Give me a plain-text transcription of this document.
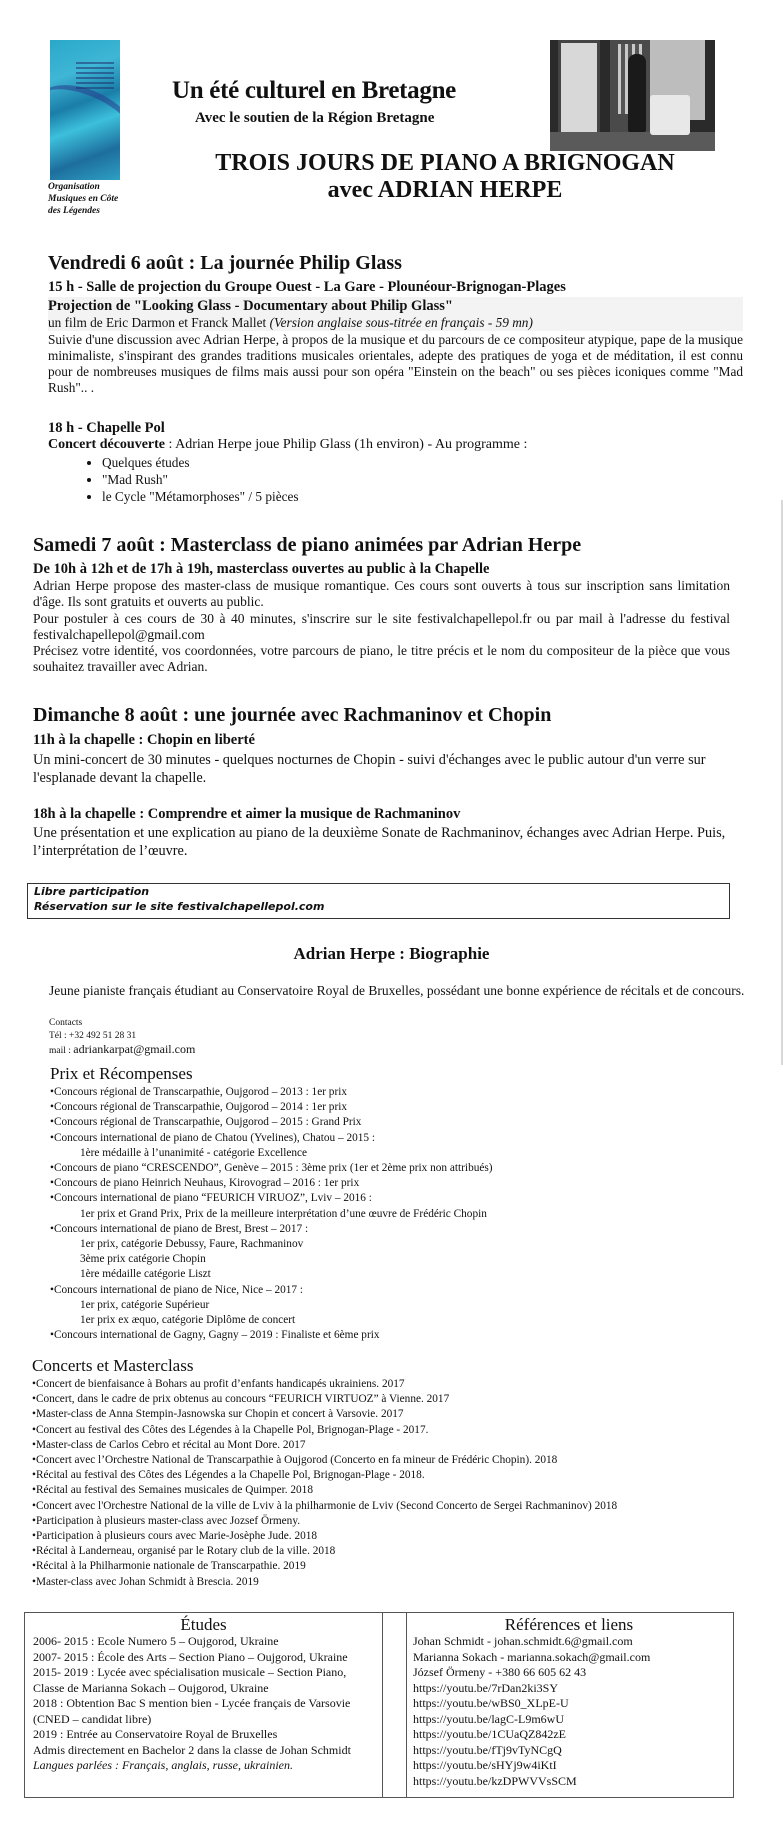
Organisation
Musiques en Côte
des Légendes
Un été culturel en Bretagne
Avec le soutien de la Région Bretagne
TROIS JOURS DE PIANO A BRIGNOGAN
avec ADRIAN HERPE
Vendredi 6 août : La journée Philip Glass
15 h - Salle de projection du Groupe Ouest - La Gare - Plounéour-Brignogan-Plages
Projection de "Looking Glass - Documentary about Philip Glass"
un film de Eric Darmon et Franck Mallet (Version anglaise sous-titrée en français - 59 mn)
Suivie d'une discussion avec Adrian Herpe, à propos de la musique et du parcours de ce compositeur atypique, pape de la musique minimaliste, s'inspirant des grandes traditions musicales orientales, adepte des pratiques de yoga et de méditation, il est connu pour de nombreuses musiques de films mais aussi pour son opéra "Einstein on the beach" ou ses pièces iconiques comme "Mad Rush".. .
18 h - Chapelle Pol
Concert découverte : Adrian Herpe joue Philip Glass (1h environ) - Au programme :
• Quelques études
• "Mad Rush"
• le Cycle "Métamorphoses" / 5 pièces
Samedi 7 août : Masterclass de piano animées par Adrian Herpe
De 10h à 12h et de 17h à 19h, masterclass ouvertes au public à la Chapelle
Adrian Herpe propose des master-class de musique romantique. Ces cours sont ouverts à tous sur inscription sans limitation d'âge. Ils sont gratuits et ouverts au public.
Pour postuler à ces cours de 30 à 40 minutes, s'inscrire sur le site festivalchapellepol.fr ou par mail à l'adresse du festival festivalchapellepol@gmail.com
Précisez votre identité, vos coordonnées, votre parcours de piano, le titre précis et le nom du compositeur de la pièce que vous souhaitez travailler avec Adrian.
Dimanche 8 août : une journée avec Rachmaninov et Chopin
11h à la chapelle : Chopin en liberté
Un mini-concert de 30 minutes - quelques nocturnes de Chopin - suivi d'échanges avec le public autour d'un verre sur l'esplanade devant la chapelle.
18h à la chapelle : Comprendre et aimer la musique de Rachmaninov
Une présentation et une explication au piano de la deuxième Sonate de Rachmaninov, échanges avec Adrian Herpe. Puis, l’interprétation de l’œuvre.
Libre participation
Réservation sur le site festivalchapellepol.com
Adrian Herpe : Biographie
Jeune pianiste français étudiant au Conservatoire Royal de Bruxelles, possédant une bonne expérience de récitals et de concours.
Contacts
Tél : +32 492 51 28 31
mail : adriankarpat@gmail.com
Prix et Récompenses
•Concours régional de Transcarpathie, Oujgorod – 2013 : 1er prix
•Concours régional de Transcarpathie, Oujgorod – 2014 : 1er prix
•Concours régional de Transcarpathie, Oujgorod – 2015 : Grand Prix
•Concours international de piano de Chatou (Yvelines), Chatou – 2015 :
1ère médaille à l’unanimité - catégorie Excellence
•Concours de piano “CRESCENDO”, Genève – 2015 : 3ème prix (1er et 2ème prix non attribués)
•Concours de piano Heinrich Neuhaus, Kirovograd – 2016 : 1er prix
•Concours international de piano “FEURICH VIRUOZ”, Lviv – 2016 :
1er prix et Grand Prix, Prix de la meilleure interprétation d’une œuvre de Frédéric Chopin
•Concours international de piano de Brest, Brest – 2017 :
1er prix, catégorie Debussy, Faure, Rachmaninov
3ème prix catégorie Chopin
1ère médaille catégorie Liszt
•Concours international de piano de Nice, Nice – 2017 :
1er prix, catégorie Supérieur
1er prix ex æquo, catégorie Diplôme de concert
•Concours international de Gagny, Gagny – 2019 : Finaliste et 6ème prix
Concerts et Masterclass
•Concert de bienfaisance à Bohars au profit d’enfants handicapés ukrainiens. 2017
•Concert, dans le cadre de prix obtenus au concours “FEURICH VIRTUOZ” à Vienne. 2017
•Master-class de Anna Stempin-Jasnowska sur Chopin et concert à Varsovie. 2017
•Concert au festival des Côtes des Légendes à la Chapelle Pol, Brignogan-Plage - 2017.
•Master-class de Carlos Cebro et récital au Mont Dore. 2017
•Concert avec l’Orchestre National de Transcarpathie à Oujgorod (Concerto en fa mineur de Frédéric Chopin). 2018
•Récital au festival des Côtes des Légendes a la Chapelle Pol, Brignogan-Plage - 2018.
•Récital au festival des Semaines musicales de Quimper. 2018
•Concert avec l'Orchestre National de la ville de Lviv à la philharmonie de Lviv (Second Concerto de Sergei Rachmaninov) 2018
•Participation à plusieurs master-class avec Jozsef Örmeny.
•Participation à plusieurs cours avec Marie-Josèphe Jude. 2018
•Récital à Landerneau, organisé par le Rotary club de la ville. 2018
•Récital à la Philharmonie nationale de Transcarpathie. 2019
•Master-class avec Johan Schmidt à Brescia. 2019
Études
2006- 2015 : Ecole Numero 5 – Oujgorod, Ukraine
2007- 2015 : École des Arts – Section Piano – Oujgorod, Ukraine
2015- 2019 : Lycée avec spécialisation musicale – Section Piano, Classe de Marianna Sokach – Oujgorod, Ukraine
2018 : Obtention Bac S mention bien - Lycée français de Varsovie (CNED – candidat libre)
2019 : Entrée au Conservatoire Royal de Bruxelles
Admis directement en Bachelor 2 dans la classe de Johan Schmidt
Langues parlées : Français, anglais, russe, ukrainien.
Références et liens
Johan Schmidt - johan.schmidt.6@gmail.com
Marianna Sokach - marianna.sokach@gmail.com
József Örmeny - +380 66 605 62 43
https://youtu.be/7rDan2ki3SY
https://youtu.be/wBS0_XLpE-U
https://youtu.be/lagC-L9m6wU
https://youtu.be/1CUaQZ842zE
https://youtu.be/fTj9vTyNCgQ
https://youtu.be/sHYj9w4iKtI
https://youtu.be/kzDPWVVsSCM
